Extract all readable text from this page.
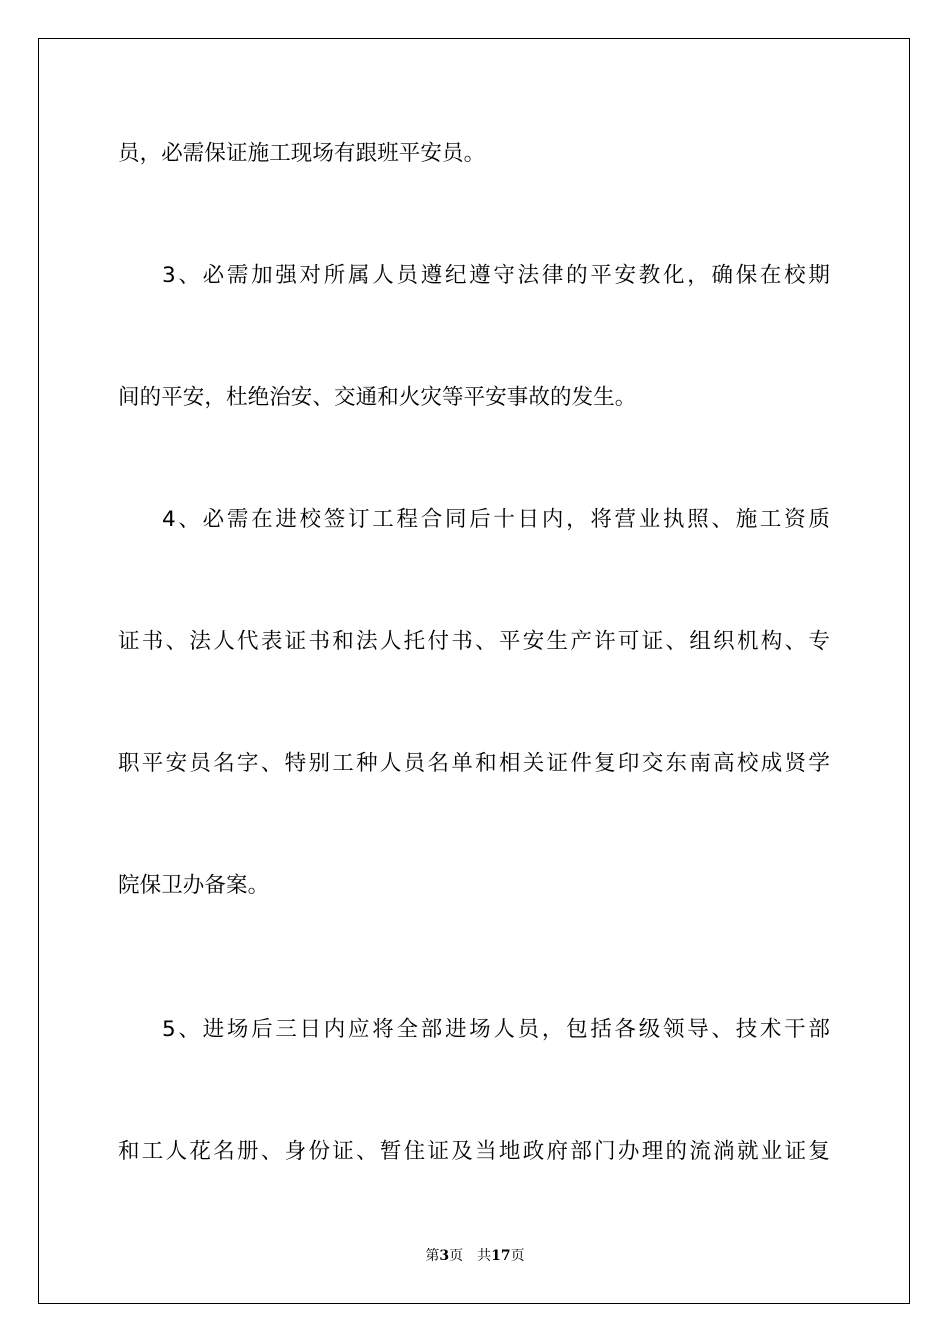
员，必需保证施工现场有跟班平安员。
3、必需加强对所属人员遵纪遵守法律的平安教化，确保在校期
间的平安，杜绝治安、交通和火灾等平安事故的发生。
4、必需在进校签订工程合同后十日内，将营业执照、施工资质
证书、法人代表证书和法人托付书、平安生产许可证、组织机构、专
职平安员名字、特别工种人员名单和相关证件复印交东南高校成贤学
院保卫办备案。
5、进场后三日内应将全部进场人员，包括各级领导、技术干部
和工人花名册、身份证、暂住证及当地政府部门办理的流淌就业证复
第3页 共17页
